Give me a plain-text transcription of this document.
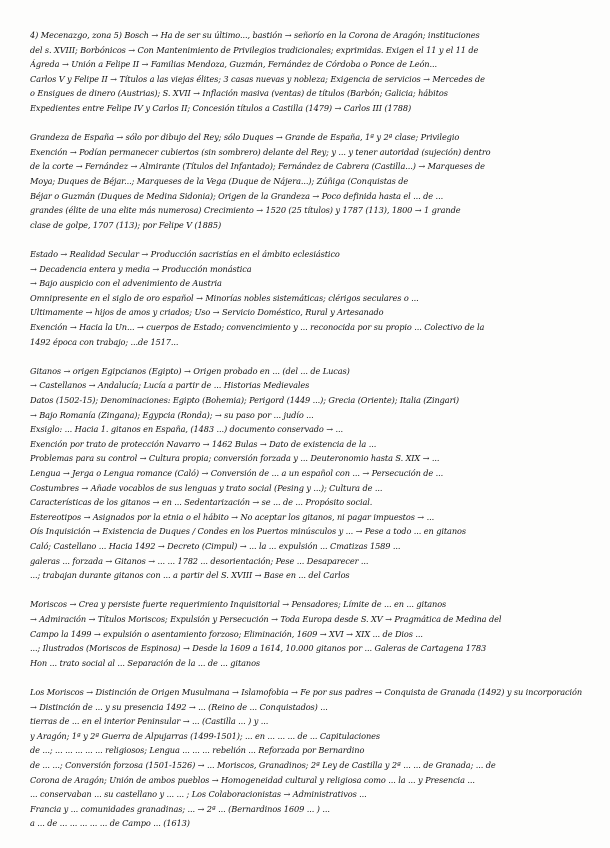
4) Mecenazgo, zona 5) Bosch → Ha de ser su último..., bastión → señorío en la Corona de Aragón; instituciones
del s. XVIII; Borbónicos → Con Mantenimiento de Privilegios tradicionales; exprimidas. Exigen el 11 y el 11 de
Ágreda → Unión a Felipe II → Familias Mendoza, Guzmán, Fernández de Córdoba o Ponce de León...
Carlos V y Felipe II → Títulos a las viejas élites; 3 casas nuevas y nobleza; Exigencia de servicios → Mercedes de
o Ensigues de dinero (Austrias); S. XVII → Inflación masiva (ventas) de títulos (Barbón; Galicia; hábitos
Expedientes entre Felipe IV y Carlos II; Concesión títulos a Castilla (1479) → Carlos III (1788)
Grandeza de España → sólo por dibujo del Rey; sólo Duques → Grande de España, 1ª y 2ª clase; Privilegio
Exención → Podían permanecer cubiertos (sin sombrero) delante del Rey; y ... y tener autoridad (sujeción) dentro
de la corte → Fernández → Almirante (Títulos del Infantado); Fernández de Cabrera (Castilla...) → Marqueses de
Moya; Duques de Béjar...; Marqueses de la Vega (Duque de Nájera...); Zúñiga (Conquistas de
Béjar o Guzmán (Duques de Medina Sidonia); Origen de la Grandeza → Poco definida hasta el ... de ...
grandes (élite de una elite más numerosa) Crecimiento → 1520 (25 títulos) y 1787 (113), 1800 → 1 grande
clase de golpe, 1707 (113); por Felipe V (1885)
Estado → Realidad Secular → Producción sacristías en el ámbito eclesiástico
→ Decadencia entera y media → Producción monástica
→ Bajo auspicio con el advenimiento de Austria
Omnipresente en el siglo de oro español → Minorías nobles sistemáticas; clérigos seculares o ...
Ultimamente → hijos de amos y criados; Uso → Servicio Doméstico, Rural y Artesanado
Exención → Hacia la Un... → cuerpos de Estado; convencimiento y ... reconocida por su propio ... Colectivo de la
1492 época con trabajo; ...de 1517...
Gitanos → origen Egipcianos (Egipto) → Origen probado en ... (del ... de Lucas)
→ Castellanos → Andalucía; Lucía a partir de ... Historias Medievales
Datos (1502-15); Denominaciones: Egipto (Bohemia); Perigord (1449 ...); Grecia (Oriente); Italia (Zingari)
→ Bajo Romanía (Zingana); Egypcia (Ronda); → su paso por ... judío ...
Exsiglo: ... Hacia 1. gitanos en España, (1483 ...) documento conservado → ...
Exención por trato de protección Navarro → 1462 Bulas → Dato de existencia de la ...
Problemas para su control → Cultura propia; conversión forzada y ... Deuteronomio hasta S. XIX → ...
Lengua → Jerga o Lengua romance (Caló) → Conversión de ... a un español con ... → Persecución de ...
Costumbres → Añade vocablos de sus lenguas y trato social (Pesing y ...); Cultura de ...
Características de los gitanos → en ... Sedentarización → se ... de ... Propósito social.
Estereotipos → Asignados por la etnia o el hábito → No aceptar los gitanos, ni pagar impuestos → ...
Oís Inquisición → Existencia de Duques / Condes en los Puertos minúsculos y ... → Pese a todo ... en gitanos
Caló; Castellano ... Hacia 1492 → Decreto (Cimpul) → ... la ... expulsión ... Cmatizas 1589 ...
galeras ... forzada → Gitanos → ... ... 1782 ... desorientación; Pese ... Desaparecer ...
...; trabajan durante gitanos con ... a partir del S. XVIII → Base en ... del Carlos
Moriscos → Crea y persiste fuerte requerimiento Inquisitorial → Pensadores; Límite de ... en ... gitanos
→ Admiración → Títulos Moriscos; Expulsión y Persecución → Toda Europa desde S. XV → Pragmática de Medina del
Campo la 1499 → expulsión o asentamiento forzoso; Eliminación, 1609 → XVI → XIX ... de Dios ...
...; Ilustrados (Moriscos de Espinosa) → Desde la 1609 a 1614, 10.000 gitanos por ... Galeras de Cartagena 1783
Hon ... trato social al ... Separación de la ... de ... gitanos
Los Moriscos → Distinción de Origen Musulmana → Islamofobia → Fe por sus padres → Conquista de Granada (1492) y su incorporación
→ Distinción de ... y su presencia 1492 → ... (Reino de ... Conquistados) ...
tierras de ... en el interior Peninsular → ... (Castilla ... ) y ...
y Aragón; 1ª y 2ª Guerra de Alpujarras (1499-1501); ... en ... ... ... de ... Capitulaciones
de ...; ... ... ... ... ... religiosos; Lengua ... ... ... rebelión ... Reforzada por Bernardino
de ... ...; Conversión forzosa (1501-1526) → ... Moriscos, Granadinos; 2ª Ley de Castilla y 2ª ... ... de Granada; ... de
Corona de Aragón; Unión de ambos pueblos → Homogeneidad cultural y religiosa como ... la ... y Presencia ...
... conservaban ... su castellano y ... ... ; Los Colaboracionistas → Administrativos ...
Francia y ... comunidades granadinas; ... → 2ª ... (Bernardinos 1609 ... ) ...
a ... de ... ... ... ... ... de Campo ... (1613)
